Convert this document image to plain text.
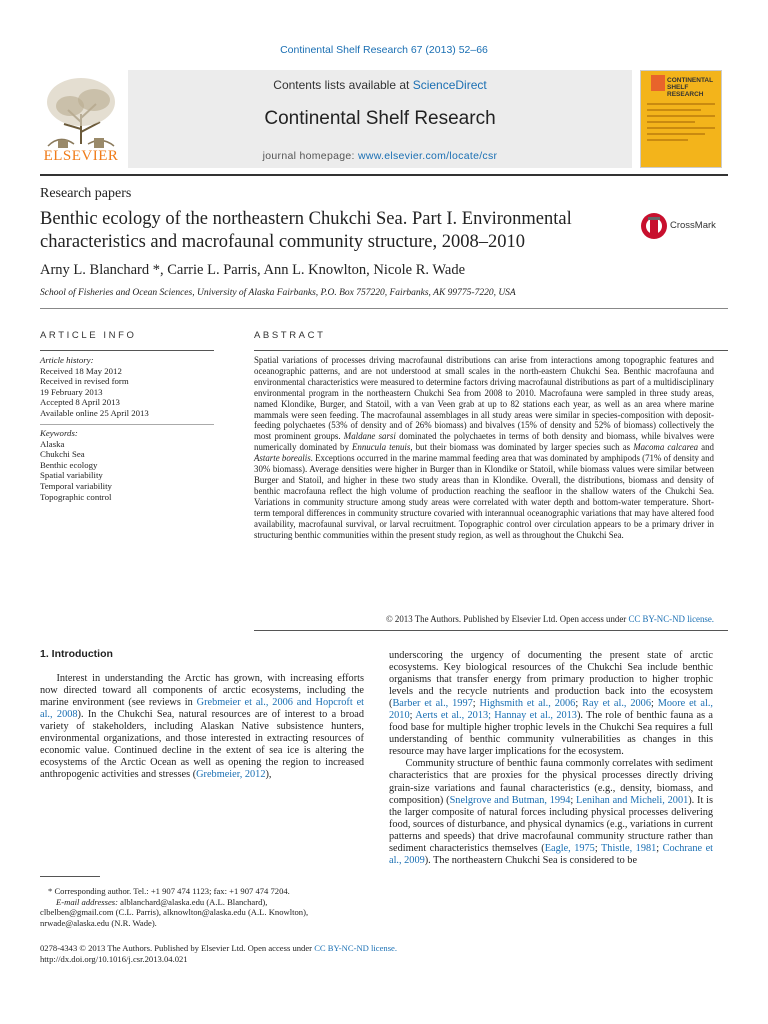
Continental Shelf Research 67 (2013) 52–66
ELSEVIER
Contents lists available at ScienceDirect
Continental Shelf Research
journal homepage: www.elsevier.com/locate/csr
CONTINENTAL
SHELF RESEARCH
Research papers
Benthic ecology of the northeastern Chukchi Sea. Part I. Environmental characteristics and macrofaunal community structure, 2008–2010
CrossMark
Arny L. Blanchard *, Carrie L. Parris, Ann L. Knowlton, Nicole R. Wade
School of Fisheries and Ocean Sciences, University of Alaska Fairbanks, P.O. Box 757220, Fairbanks, AK 99775-7220, USA
ARTICLE INFO
Article history:
Received 18 May 2012
Received in revised form
19 February 2013
Accepted 8 April 2013
Available online 25 April 2013
Keywords:
Alaska
Chukchi Sea
Benthic ecology
Spatial variability
Temporal variability
Topographic control
ABSTRACT
Spatial variations of processes driving macrofaunal distributions can arise from interactions among topographic features and oceanographic patterns, and are not understood at small scales in the north-eastern Chukchi Sea. Benthic macrofauna and environmental characteristics were measured to determine factors driving macrofaunal distributions as part of a multidisciplinary environmental program in the northeastern Chukchi Sea from 2008 to 2010. Macrofauna were sampled in three study areas, named Klondike, Burger, and Statoil, with a van Veen grab at up to 82 stations each year, as well as an area where marine mammals were seen feeding. The macrofaunal assemblages in all study areas were similar in species-composition with deposit-feeding polychaetes (53% of density and of 26% biomass) and bivalves (15% of density and 52% of biomass) collectively the most prominent groups. Maldane sarsi dominated the polychaetes in terms of both density and biomass, while bivalves were numerically dominated by Ennucula tenuis, but their biomass was dominated by larger species such as Macoma calcarea and Astarte borealis. Exceptions occurred in the marine mammal feeding area that was dominated by amphipods (71% of density and 30% biomass). Average densities were higher in Burger than in Klondike or Statoil, while biomass values were similar between Burger and Statoil, and higher in these two study areas than in Klondike. Overall, the distributions, biomass and density of benthic macrofauna reflect the high volume of production reaching the seafloor in the shallow waters of the Chukchi Sea. Variations in community structure among study areas were correlated with water depth and bottom-water temperature. Short-term temporal differences in community structure covaried with interannual oceanographic variations that may have altered food availability, macrofaunal survival, or larval recruitment. Topographic control over circulation appears to be a primary driver in structuring benthic communities within the present study region, as well as throughout the Chukchi Sea.
© 2013 The Authors. Published by Elsevier Ltd. Open access under CC BY-NC-ND license.
1. Introduction

Interest in understanding the Arctic has grown, with increasing efforts now directed toward all components of arctic ecosystems, including the marine environment (see reviews in Grebmeier et al., 2006 and Hopcroft et al., 2008). In the Chukchi Sea, natural resources are of interest to a broad variety of stakeholders, including Alaskan Native subsistence hunters, environmental organizations, and those interested in extracting resources of economic value. Continued decline in the extent of sea ice is altering the ecosystems of the Arctic Ocean as well as opening the region to increased anthropogenic activities and stresses (Grebmeier, 2012),

underscoring the urgency of documenting the present state of arctic ecosystems. Key biological resources of the Chukchi Sea include benthic organisms that transfer energy from primary production to higher trophic levels and the recycle nutrients and production back into the ecosystem (Barber et al., 1997; Highsmith et al., 2006; Ray et al., 2006; Moore et al., 2010; Aerts et al., 2013; Hannay et al., 2013). The role of benthic fauna as a food base for multiple higher trophic levels in the Chukchi Sea requires a full understanding of benthic community vulnerabilities as changes in this resource may have larger implications for the ecosystem.

Community structure of benthic fauna commonly correlates with sediment characteristics that are proxies for the physical processes directly driving grain-size variations and faunal characteristics (e.g., density, biomass, and composition) (Snelgrove and Butman, 1994; Lenihan and Micheli, 2001). It is the larger composite of natural forces including physical processes delivering food, sources of disturbance, and physical dynamics (e.g., variations in current patterns and speeds) that drive macrofaunal community structure rather than sediment characteristics themselves (Eagle, 1975; Thistle, 1981; Cochrane et al., 2009). The northeastern Chukchi Sea is considered to be

* Corresponding author. Tel.: +1 907 474 1123; fax: +1 907 474 7204.
E-mail addresses: alblanchard@alaska.edu (A.L. Blanchard),
clbelben@gmail.com (C.L. Parris), alknowlton@alaska.edu (A.L. Knowlton),
nrwade@alaska.edu (N.R. Wade).
0278-4343 © 2013 The Authors. Published by Elsevier Ltd. Open access under CC BY-NC-ND license.
http://dx.doi.org/10.1016/j.csr.2013.04.021
